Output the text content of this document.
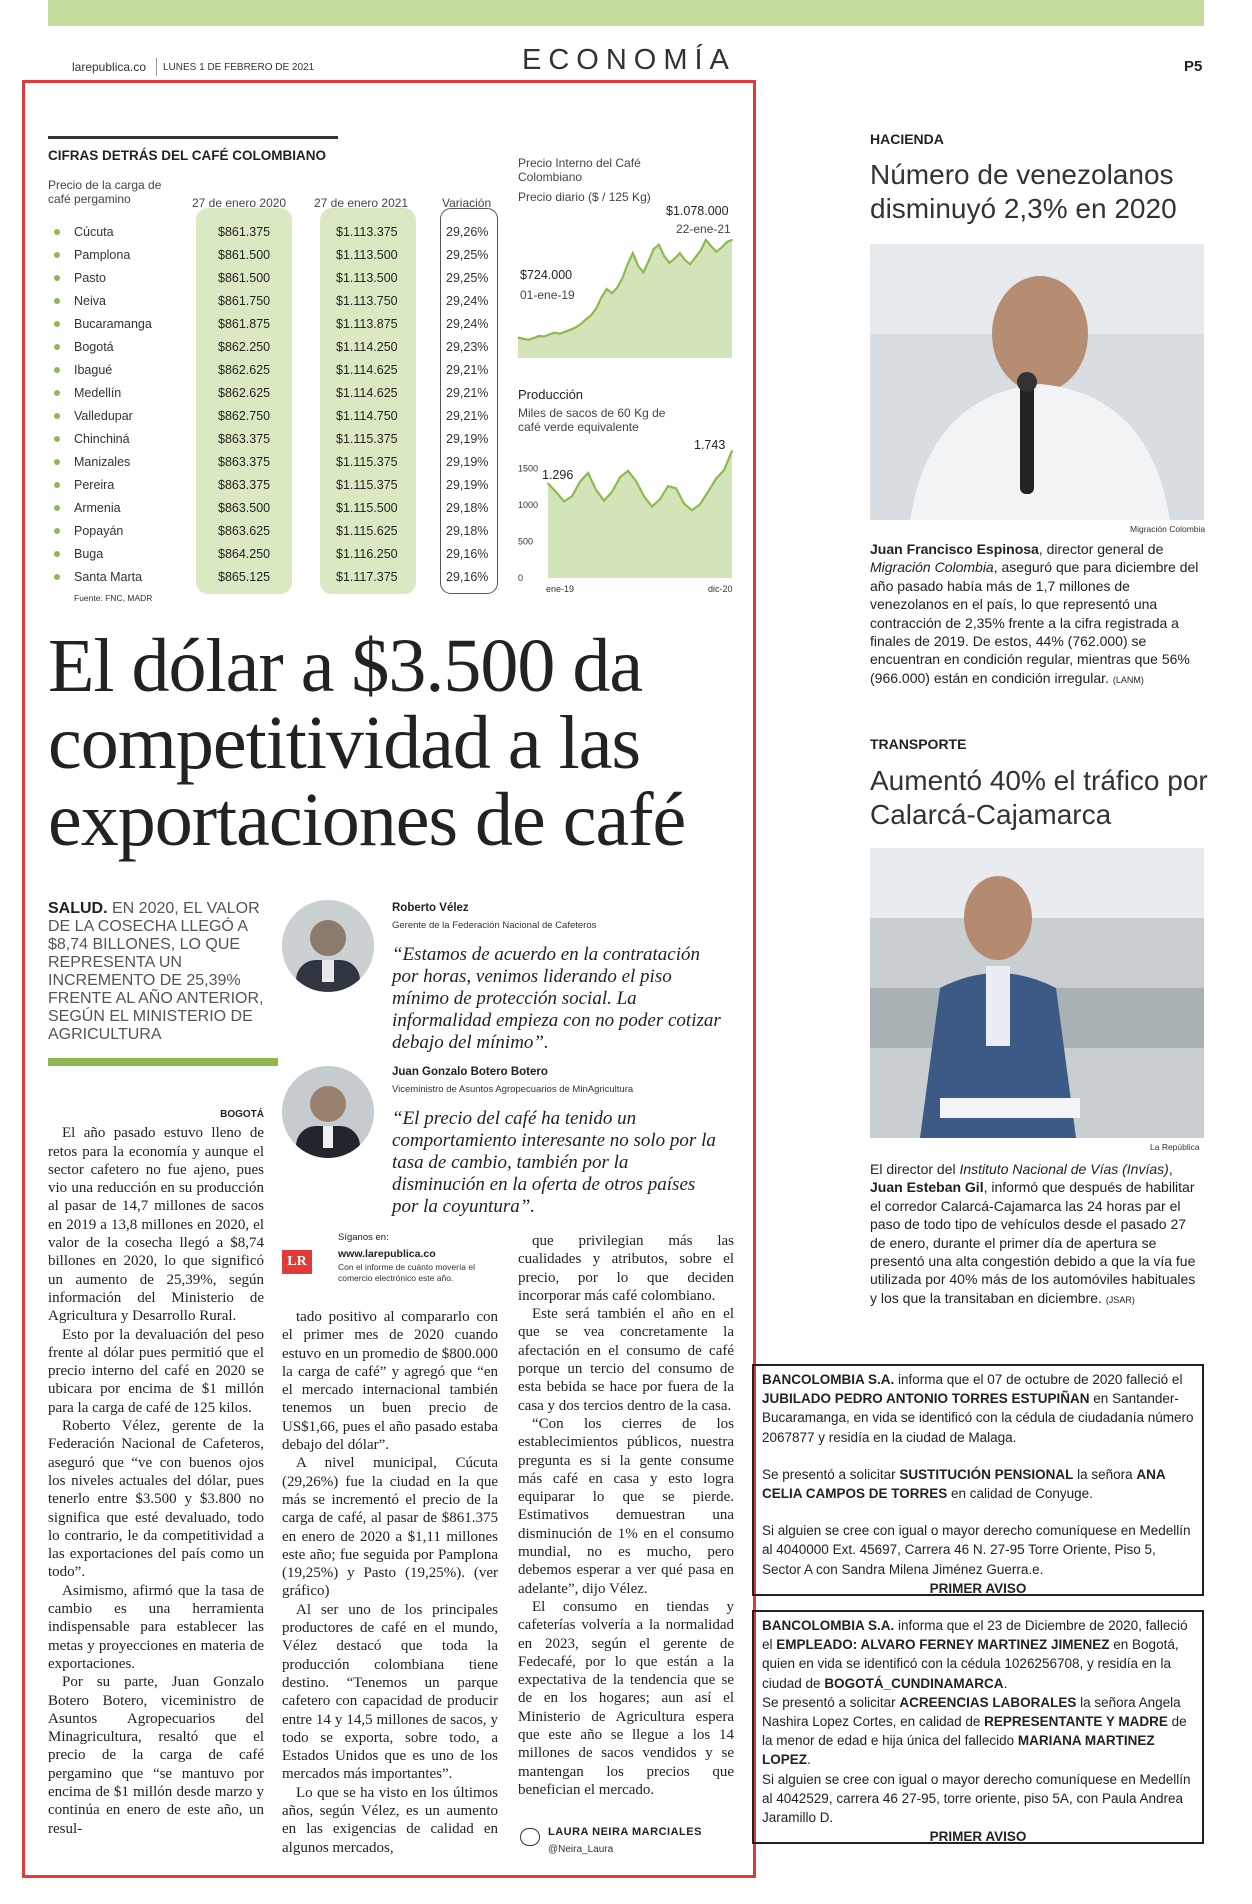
larepublica.co LUNES 1 DE FEBRERO DE 2021	ECONOMÍA	P5
CIFRAS DETRÁS DEL CAFÉ COLOMBIANO
Precio de la carga de café pergamino	27 de enero 2020 27 de enero 2021	Variación
Cúcuta	$861.375	$1.113.375	29,26%
Pamplona	$861.500	$1.113.500	29,25%
Pasto	$861.500	$1.113.500	29,25%
Neiva	$861.750	$1.113.750	29,24%
Bucaramanga	$861.875	$1.113.875	29,24%
Bogotá	$862.250	$1.114.250	29,23%
Ibagué	$862.625	$1.114.625	29,21%
Medellín	$862.625	$1.114.625	29,21%
Valledupar	$862.750	$1.114.750	29,21%
Chinchiná	$863.375	$1.115.375	29,19%
Manizales	$863.375	$1.115.375	29,19%
Pereira	$863.375	$1.115.375	29,19%
Armenia	$863.500	$1.115.500	29,18%
Popayán	$863.625	$1.115.625	29,18%
Buga	$864.250	$1.116.250	29,16%
Santa Marta	$865.125	$1.117.375	29,16%
Fuente: FNC, MADR
Precio Interno del Café Colombiano
Precio diario ($ / 125 Kg)
$1.078.000
22-ene-21
$724.000
01-ene-19
Producción
Miles de sacos de 60 Kg de café verde equivalente
1500
1000
500
0
ene-19	dic-20
1.296
1.743
El dólar a $3.500 da competitividad a las exportaciones de café
SALUD. EN 2020, EL VALOR DE LA COSECHA LLEGÓ A $8,74 BILLONES, LO QUE REPRESENTA UN INCREMENTO DE 25,39% FRENTE AL AÑO ANTERIOR, SEGÚN EL MINISTERIO DE AGRICULTURA
Roberto Vélez
Gerente de la Federación Nacional de Cafeteros
“Estamos de acuerdo en la contratación por horas, venimos liderando el piso mínimo de protección social. La informalidad empieza con no poder cotizar debajo del mínimo”.
Juan Gonzalo Botero Botero
Viceministro de Asuntos Agropecuarios de MinAgricultura
“El precio del café ha tenido un comportamiento interesante no solo por la tasa de cambio, también por la disminución en la oferta de otros países por la coyuntura”.
Síganos en:
LR	www.larepublica.co
Con el informe de cuánto movería el comercio electrónico este año.
BOGOTÁ

El año pasado estuvo lleno de retos para la economía y aunque el sector cafetero no fue ajeno, pues vio una reducción en su producción al pasar de 14,7 millones de sacos en 2019 a 13,8 millones en 2020, el valor de la cosecha llegó a $8,74 billones en 2020, lo que significó un aumento de 25,39%, según información del Ministerio de Agricultura y Desarrollo Rural.

Esto por la devaluación del peso frente al dólar pues permitió que el precio interno del café en 2020 se ubicara por encima de $1 millón para la carga de café de 125 kilos.

Roberto Vélez, gerente de la Federación Nacional de Cafeteros, aseguró que “ve con buenos ojos los niveles actuales del dólar, pues tenerlo entre $3.500 y $3.800 no significa que esté devaluado, todo lo contrario, le da competitividad a las exportaciones del país como un todo”.

Asimismo, afirmó que la tasa de cambio es una herramienta indispensable para establecer las metas y proyecciones en materia de exportaciones.

Por su parte, Juan Gonzalo Botero Botero, viceministro de Asuntos Agropecuarios del Minagricultura, resaltó que el precio de la carga de café pergamino que “se mantuvo por encima de $1 millón desde marzo y continúa en enero de este año, un resul-

tado positivo al compararlo con el primer mes de 2020 cuando estuvo en un promedio de $800.000 la carga de café” y agregó que “en el mercado internacional también tenemos un buen precio de US$1,66, pues el año pasado estaba debajo del dólar”.

A nivel municipal, Cúcuta (29,26%) fue la ciudad en la que más se incrementó el precio de la carga de café, al pasar de $861.375 en enero de 2020 a $1,11 millones este año; fue seguida por Pamplona (19,25%) y Pasto (19,25%). (ver gráfico)

Al ser uno de los principales productores de café en el mundo, Vélez destacó que toda la producción colombiana tiene destino. “Tenemos un parque cafetero con capacidad de producir entre 14 y 14,5 millones de sacos, y todo se exporta, sobre todo, a Estados Unidos que es uno de los mercados más importantes”.

Lo que se ha visto en los últimos años, según Vélez, es un aumento en las exigencias de calidad en algunos mercados,

que privilegian más las cualidades y atributos, sobre el precio, por lo que deciden incorporar más café colombiano.

Este será también el año en el que se vea concretamente la afectación en el consumo de café porque un tercio del consumo de esta bebida se hace por fuera de la casa y dos tercios dentro de la casa.

“Con los cierres de los establecimientos públicos, nuestra pregunta es si la gente consume más café en casa y esto logra equiparar lo que se pierde. Estimativos demuestran una disminución de 1% en el consumo mundial, no es mucho, pero debemos esperar a ver qué pasa en adelante”, dijo Vélez.

El consumo en tiendas y cafeterías volvería a la normalidad en 2023, según el gerente de Fedecafé, por lo que están a la expectativa de la tendencia que se de en los hogares; aun así el Ministerio de Agricultura espera que este año se llegue a los 14 millones de sacos vendidos y se mantengan los precios que benefician el mercado.

LAURA NEIRA MARCIALES
@Neira_Laura
HACIENDA
Número de venezolanos disminuyó 2,3% en 2020
Migración Colombia
Juan Francisco Espinosa, director general de Migración Colombia, aseguró que para diciembre del año pasado había más de 1,7 millones de venezolanos en el país, lo que representó una contracción de 2,35% frente a la cifra registrada a finales de 2019. De estos, 44% (762.000) se encuentran en condición regular, mientras que 56% (966.000) están en condición irregular. (LANM)
TRANSPORTE
Aumentó 40% el tráfico por Calarcá-Cajamarca
La República
El director del Instituto Nacional de Vías (Invías), Juan Esteban Gil, informó que después de habilitar el corredor Calarcá-Cajamarca las 24 horas par el paso de todo tipo de vehículos desde el pasado 27 de enero, durante el primer día de apertura se presentó una alta congestión debido a que la vía fue utilizada por 40% más de los automóviles habituales y los que la transitaban en diciembre. (JSAR)
BANCOLOMBIA S.A. informa que el 07 de octubre de 2020 falleció el JUBILADO PEDRO ANTONIO TORRES ESTUPIÑAN en Santander-Bucaramanga, en vida se identificó con la cédula de ciudadanía número 2067877 y residía en la ciudad de Malaga.
Se presentó a solicitar SUSTITUCIÓN PENSIONAL la señora ANA CELIA CAMPOS DE TORRES en calidad de Conyuge.
Si alguien se cree con igual o mayor derecho comuníquese en Medellín al 4040000 Ext. 45697, Carrera 46 N. 27-95 Torre Oriente, Piso 5, Sector A con Sandra Milena Jiménez Guerra.e.
PRIMER AVISO
BANCOLOMBIA S.A. informa que el 23 de Diciembre de 2020, falleció el EMPLEADO: ALVARO FERNEY MARTINEZ JIMENEZ en Bogotá, quien en vida se identificó con la cédula 1026256708, y residía en la ciudad de BOGOTÁ_CUNDINAMARCA.
Se presentó a solicitar ACREENCIAS LABORALES la señora Angela Nashira Lopez Cortes, en calidad de REPRESENTANTE Y MADRE de la menor de edad e hija única del fallecido MARIANA MARTINEZ LOPEZ.
Si alguien se cree con igual o mayor derecho comuníquese en Medellín al 4042529, carrera 46 27-95, torre oriente, piso 5A, con Paula Andrea Jaramillo D.
PRIMER AVISO
